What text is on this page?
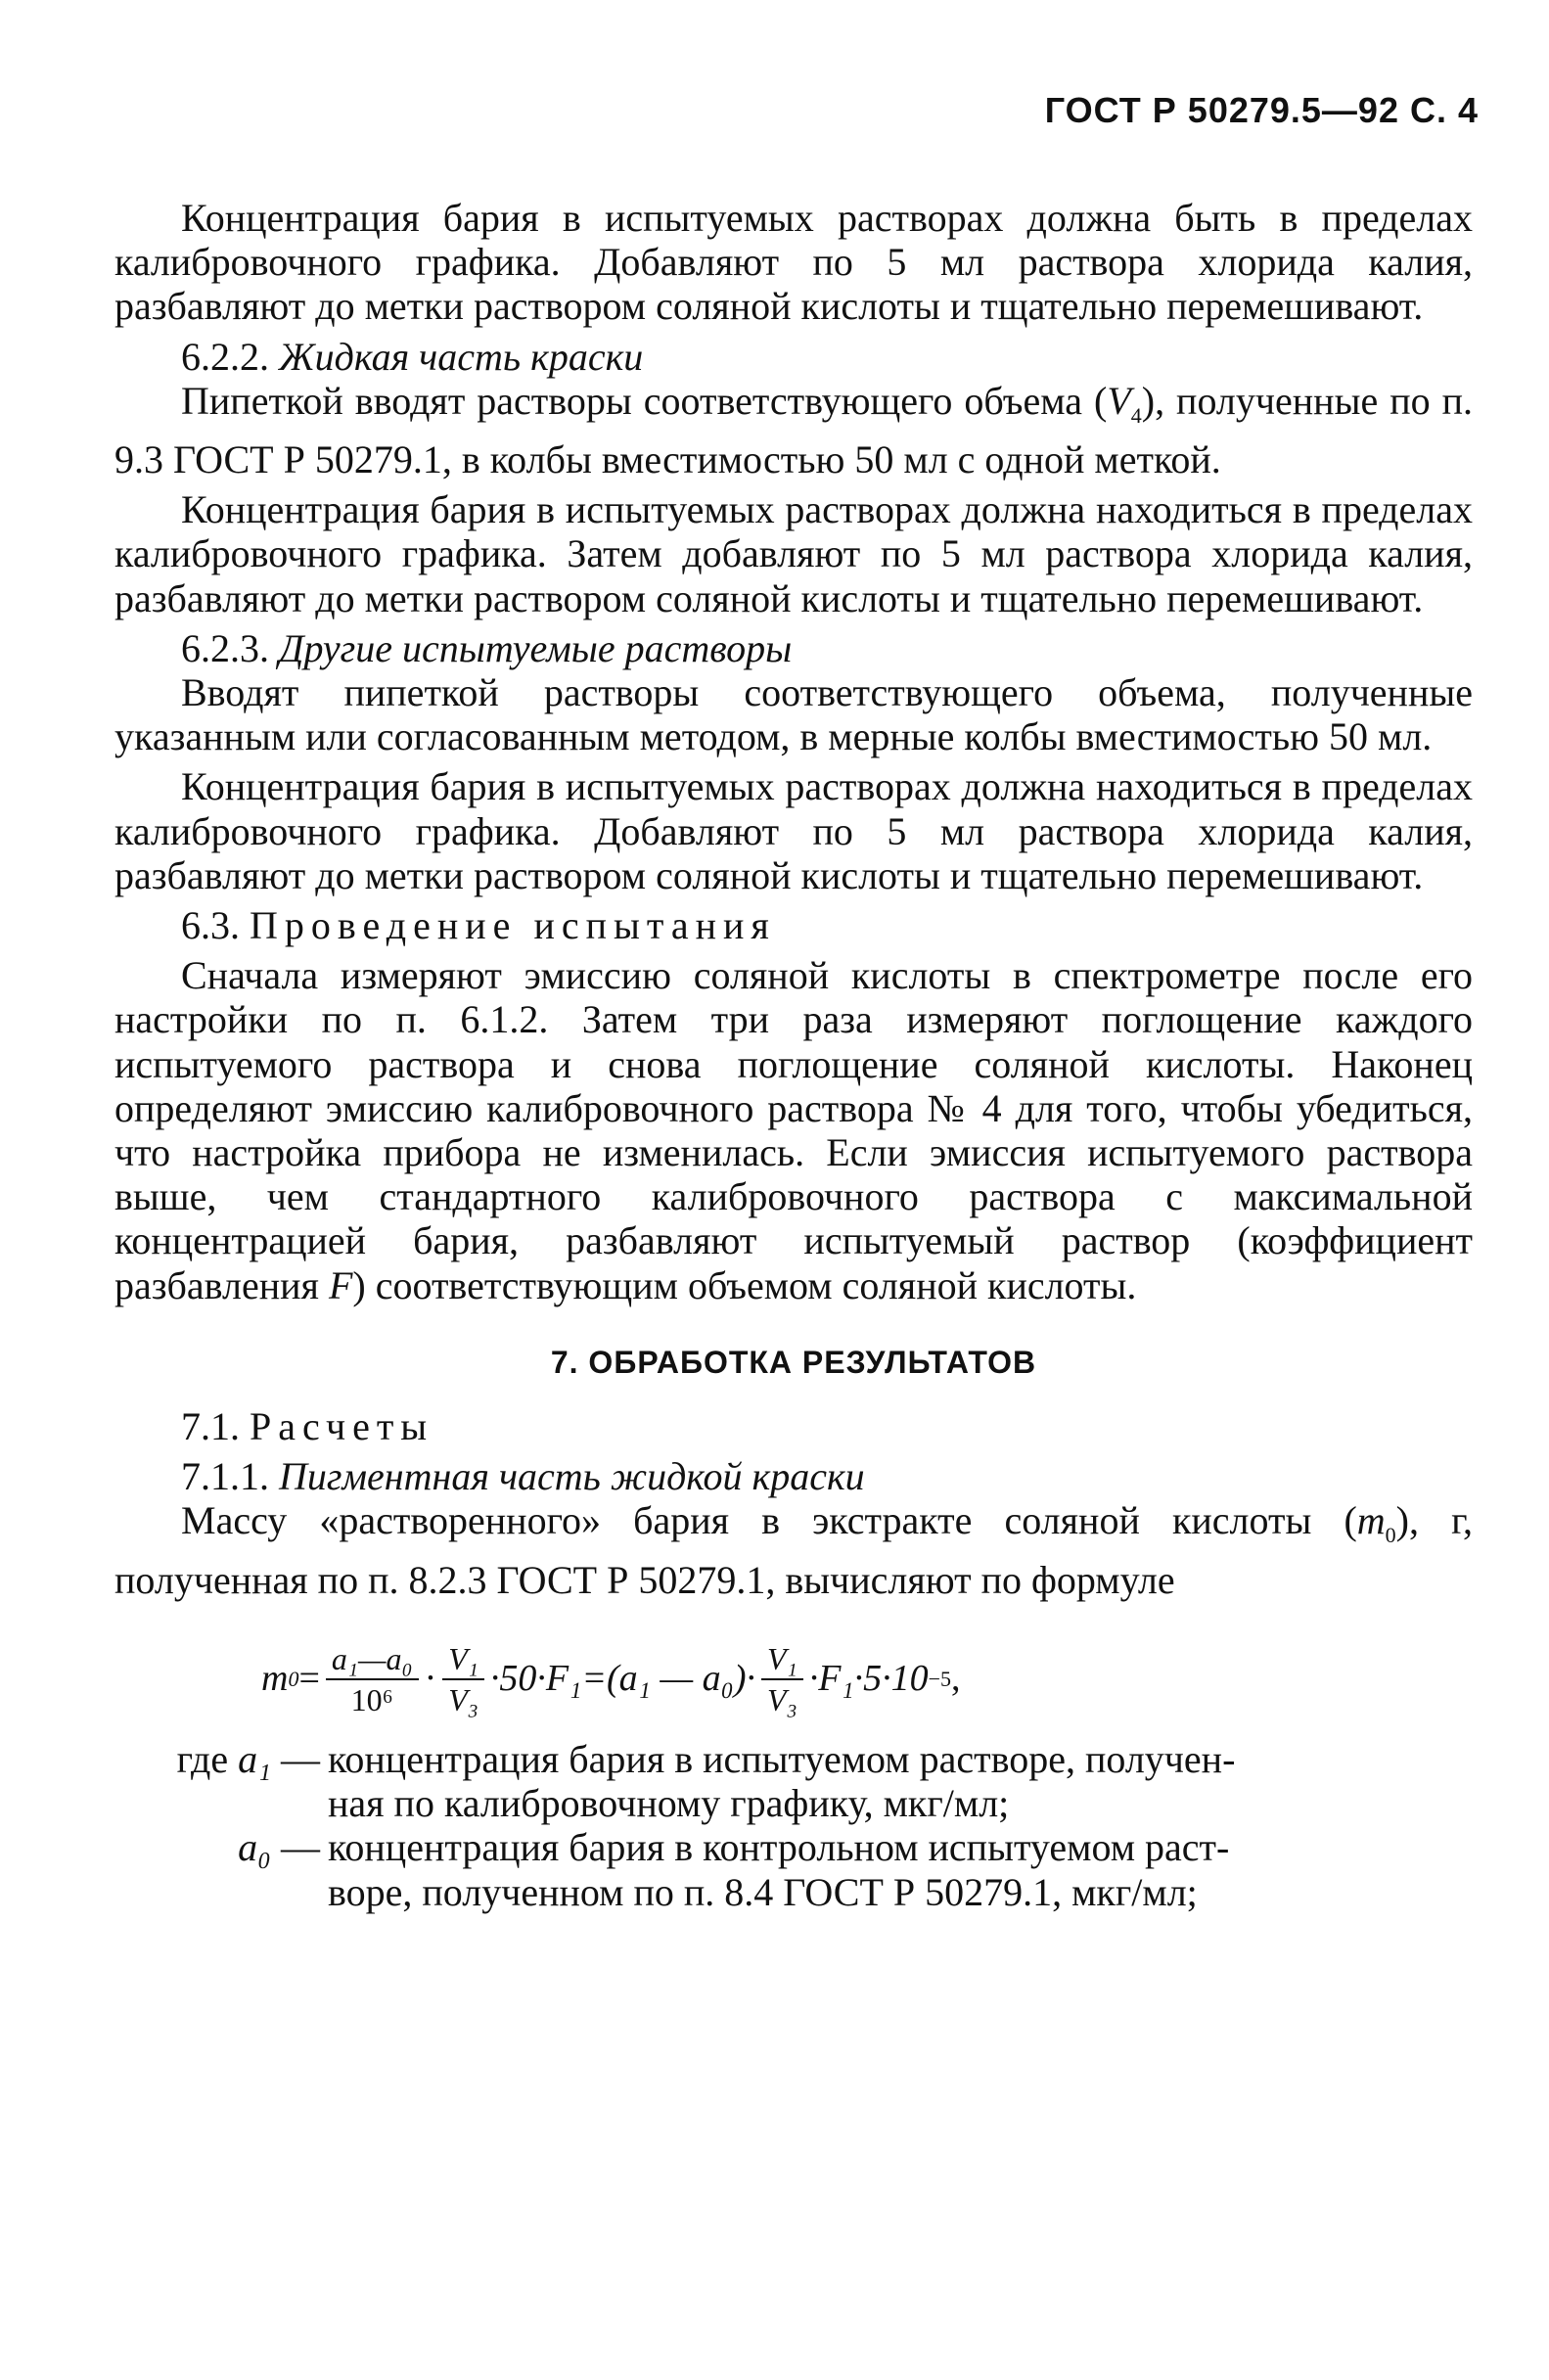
ГОСТ Р 50279.5—92 С. 4

Концентрация бария в испытуемых растворах должна быть в пределах калибровочного графика. Добавляют по 5 мл раствора хлорида калия, разбавляют до метки раствором соляной кислоты и тщательно перемешивают.

6.2.2. Жидкая часть краски

Пипеткой вводят растворы соответствующего объема $(V_4)$, полученные по п. 9.3 ГОСТ Р 50279.1, в колбы вместимостью 50 мл с одной меткой.

Концентрация бария в испытуемых растворах должна находиться в пределах калибровочного графика. Затем добавляют по 5 мл раствора хлорида калия, разбавляют до метки раствором соляной кислоты и тщательно перемешивают.

6.2.3. Другие испытуемые растворы

Вводят пипеткой растворы соответствующего объема, полученные указанным или согласованным методом, в мерные колбы вместимостью 50 мл.

Концентрация бария в испытуемых растворах должна находиться в пределах калибровочного графика. Добавляют по 5 мл раствора хлорида калия, разбавляют до метки раствором соляной кислоты и тщательно перемешивают.

6.3. Проведение испытания

Сначала измеряют эмиссию соляной кислоты в спектрометре после его настройки по п. 6.1.2. Затем три раза измеряют поглощение каждого испытуемого раствора и снова поглощение соляной кислоты. Наконец определяют эмиссию калибровочного раствора № 4 для того, чтобы убедиться, что настройка прибора не изменилась. Если эмиссия испытуемого раствора выше, чем стандартного калибровочного раствора с максимальной концентрацией бария, разбавляют испытуемый раствор (коэффициент разбавления F) соответствующим объемом соляной кислоты.

7. ОБРАБОТКА РЕЗУЛЬТАТОВ

7.1. Расчеты

7.1.1. Пигментная часть жидкой краски

Массу «растворенного» бария в экстракте соляной кислоты $(m_0)$, г, полученная по п. 8.2.3 ГОСТ Р 50279.1, вычисляют по формуле

m $0 = \frac{\text{a₁—a₀}}{\text{10⁶}} \cdot \frac{\text{V₁}}{\text{V₃}} \cdot 50\cdot F_1=(a_1$ — $a_0)\cdot \frac{\text{V₁}}{\text{V₃}} \cdot F_1\cdot 5\cdot 10 -5$ ,
где a₁ — концентрация бария в испытуемом растворе, получен-
ная по калибровочному графику, мкг/мл;
a₀ — концентрация бария в контрольном испытуемом раст-
воре, полученном по п. 8.4 ГОСТ Р 50279.1, мкг/мл;
